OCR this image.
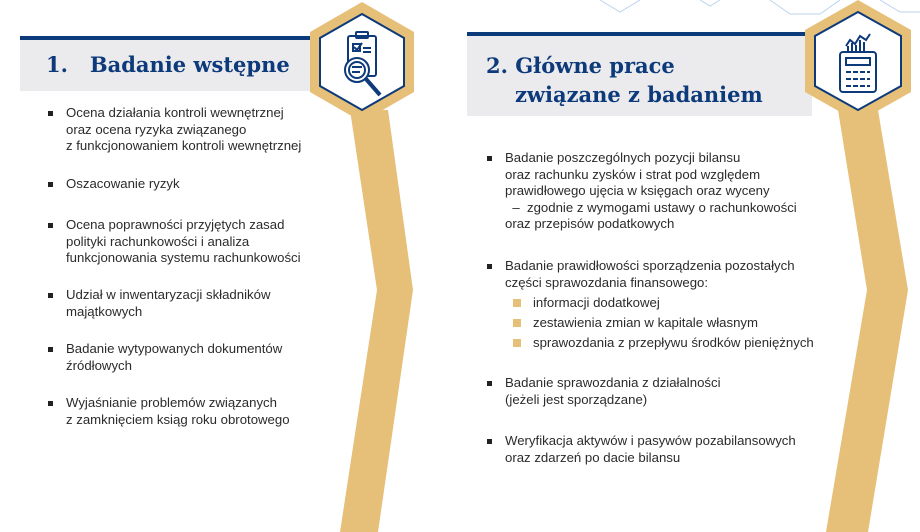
1.   Badanie wstępne	2. Główne prace
związane z badaniem
Ocena działania kontroli wewnętrznej
oraz ocena ryzyka związanego
z funkcjonowaniem kontroli wewnętrznej
Oszacowanie ryzyk
Ocena poprawności przyjętych zasad
polityki rachunkowości i analiza
funkcjonowania systemu rachunkowości
Udział w inwentaryzacji składników
majątkowych
Badanie wytypowanych dokumentów
źródłowych
Wyjaśnianie problemów związanych
z zamknięciem ksiąg roku obrotowego
Badanie poszczególnych pozycji bilansu
oraz rachunku zysków i strat pod względem
prawidłowego ujęcia w księgach oraz wyceny
–  zgodnie z wymogami ustawy o rachunkowości
oraz przepisów podatkowych
Badanie prawidłowości sporządzenia pozostałych
części sprawozdania finansowego:
Badanie sprawozdania z działalności
(jeżeli jest sporządzane)
Weryfikacja aktywów i pasywów pozabilansowych
oraz zdarzeń po dacie bilansu
informacji dodatkowej
zestawienia zmian w kapitale własnym
sprawozdania z przepływu środków pieniężnych
